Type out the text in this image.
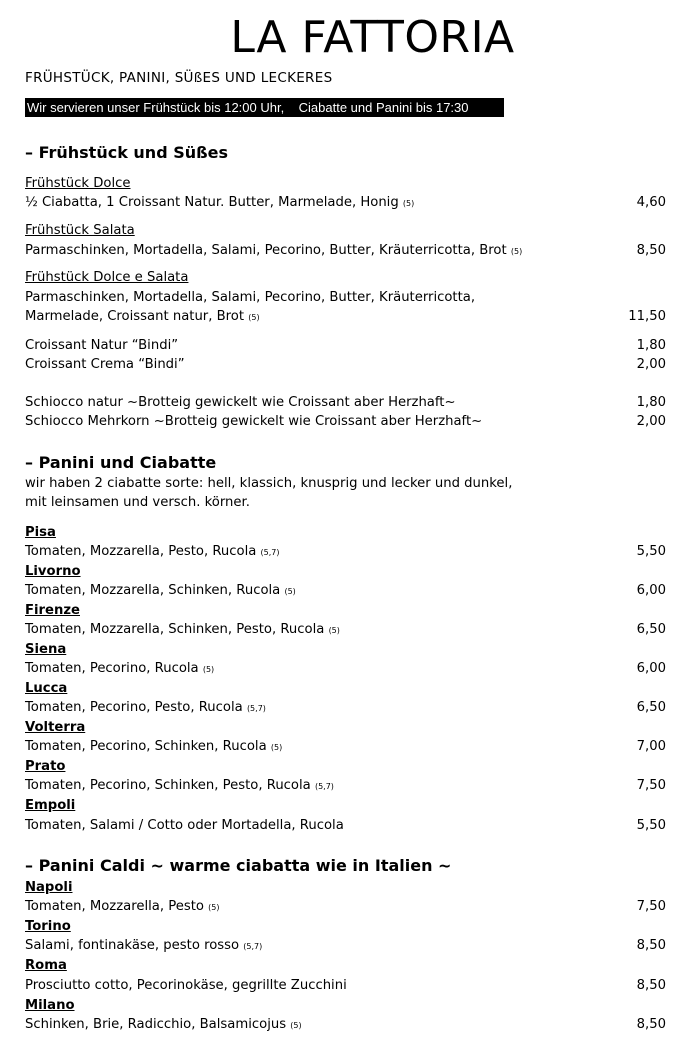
LA FATTORIA
FRÜHSTÜCK, PANINI, SÜßES UND LECKERES
Wir servieren unser Frühstück bis 12:00 Uhr,    Ciabatte und Panini bis 17:30
– Frühstück und Süßes
Frühstück Dolce
½ Ciabatta, 1 Croissant Natur. Butter, Marmelade, Honig (5)	4,60
Frühstück Salata
Parmaschinken, Mortadella, Salami, Pecorino, Butter, Kräuterricotta, Brot (5)	8,50
Frühstück Dolce e Salata
Parmaschinken, Mortadella, Salami, Pecorino, Butter, Kräuterricotta,
Marmelade, Croissant natur, Brot (5)	11,50
Croissant Natur “Bindi”	1,80
Croissant Crema “Bindi”	2,00
Schiocco natur ~Brotteig gewickelt wie Croissant aber Herzhaft~	1,80
Schiocco Mehrkorn ~Brotteig gewickelt wie Croissant aber Herzhaft~	2,00
– Panini und Ciabatte
wir haben 2 ciabatte sorte: hell, klassich, knusprig und lecker und dunkel,
mit leinsamen und versch. körner.
Pisa
Tomaten, Mozzarella, Pesto, Rucola (5,7)	5,50
Livorno
Tomaten, Mozzarella, Schinken, Rucola (5)	6,00
Firenze
Tomaten, Mozzarella, Schinken, Pesto, Rucola (5)	6,50
Siena
Tomaten, Pecorino, Rucola (5)	6,00
Lucca
Tomaten, Pecorino, Pesto, Rucola (5,7)	6,50
Volterra
Tomaten, Pecorino, Schinken, Rucola (5)	7,00
Prato
Tomaten, Pecorino, Schinken, Pesto, Rucola (5,7)	7,50
Empoli
Tomaten, Salami / Cotto oder Mortadella, Rucola	5,50
– Panini Caldi ~ warme ciabatta wie in Italien ~
Napoli
Tomaten, Mozzarella, Pesto (5)	7,50
Torino
Salami, fontinakäse, pesto rosso (5,7)	8,50
Roma
Prosciutto cotto, Pecorinokäse, gegrillte Zucchini	8,50
Milano
Schinken, Brie, Radicchio, Balsamicojus (5)	8,50
